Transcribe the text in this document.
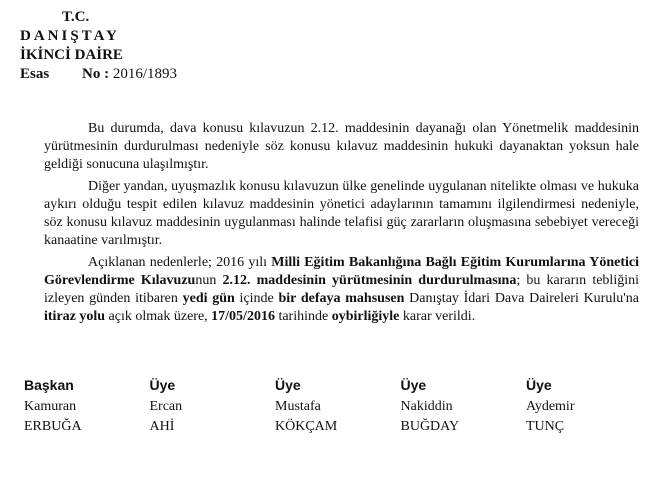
T.C.
DANIŞTAY
İKİNCİ DAİRE
Esas No : 2016/1893

Bu durumda, dava konusu kılavuzun 2.12. maddesinin dayanağı olan Yönetmelik maddesinin yürütmesinin durdurulması nedeniyle söz konusu kılavuz maddesinin hukuki dayanaktan yoksun hale geldiği sonucuna ulaşılmıştır.

Diğer yandan, uyuşmazlık konusu kılavuzun ülke genelinde uygulanan nitelikte olması ve hukuka aykırı olduğu tespit edilen kılavuz maddesinin yönetici adaylarının tamamını ilgilendirmesi nedeniyle, söz konusu kılavuz maddesinin uygulanması halinde telafisi güç zararların oluşmasına sebebiyet vereceği kanaatine varılmıştır.

Açıklanan nedenlerle; 2016 yılı Milli Eğitim Bakanlığına Bağlı Eğitim Kurumlarına Yönetici Görevlendirme Kılavuzunun 2.12. maddesinin yürütmesinin durdurulmasına; bu kararın tebliğini izleyen günden itibaren yedi gün içinde bir defaya mahsusen Danıştay İdari Dava Daireleri Kurulu'na itiraz yolu açık olmak üzere, 17/05/2016 tarihinde oybirliğiyle karar verildi.

Başkan
Kamuran
ERBUĞA
Üye
Ercan
AHİ
Üye
Mustafa
KÖKÇAM
Üye
Nakiddin
BUĞDAY
Üye
Aydemir
TUNÇ
